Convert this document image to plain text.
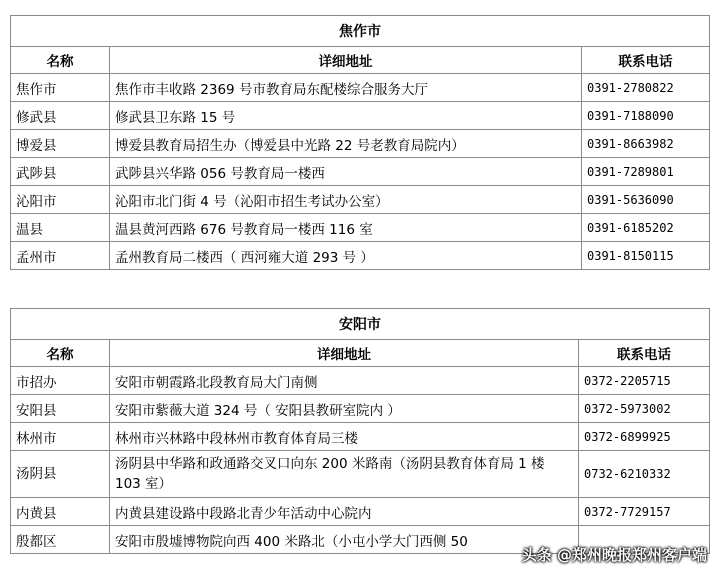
焦作市		
名称	详细地址	联系电话
焦作市	焦作市丰收路 2369 号市教育局东配楼综合服务大厅	0391-2780822
修武县	修武县卫东路 15 号	0391-7188090
博爱县	博爱县教育局招生办（博爱县中光路 22 号老教育局院内）	0391-8663982
武陟县	武陟县兴华路 056 号教育局一楼西	0391-7289801
沁阳市	沁阳市北门街 4 号（沁阳市招生考试办公室）	0391-5636090
温县	温县黄河西路 676 号教育局一楼西 116 室	0391-6185202
孟州市	孟州教育局二楼西（ 西河雍大道 293 号 ）	0391-8150115
安阳市		
名称	详细地址	联系电话
市招办	安阳市朝霞路北段教育局大门南侧	0372-2205715
安阳县	安阳市紫薇大道 324 号（ 安阳县教研室院内 ）	0372-5973002
林州市	林州市兴林路中段林州市教育体育局三楼	0372-6899925
汤阴县	汤阴县中华路和政通路交叉口向东 200 米路南（汤阴县教育体育局 1 楼 103 室）	0732-6210332
内黄县	内黄县建设路中段路北青少年活动中心院内	0372-7729157
殷都区	安阳市殷墟博物院向西 400 米路北（小屯小学大门西侧 50	
头条 @郑州晚报郑州客户端
